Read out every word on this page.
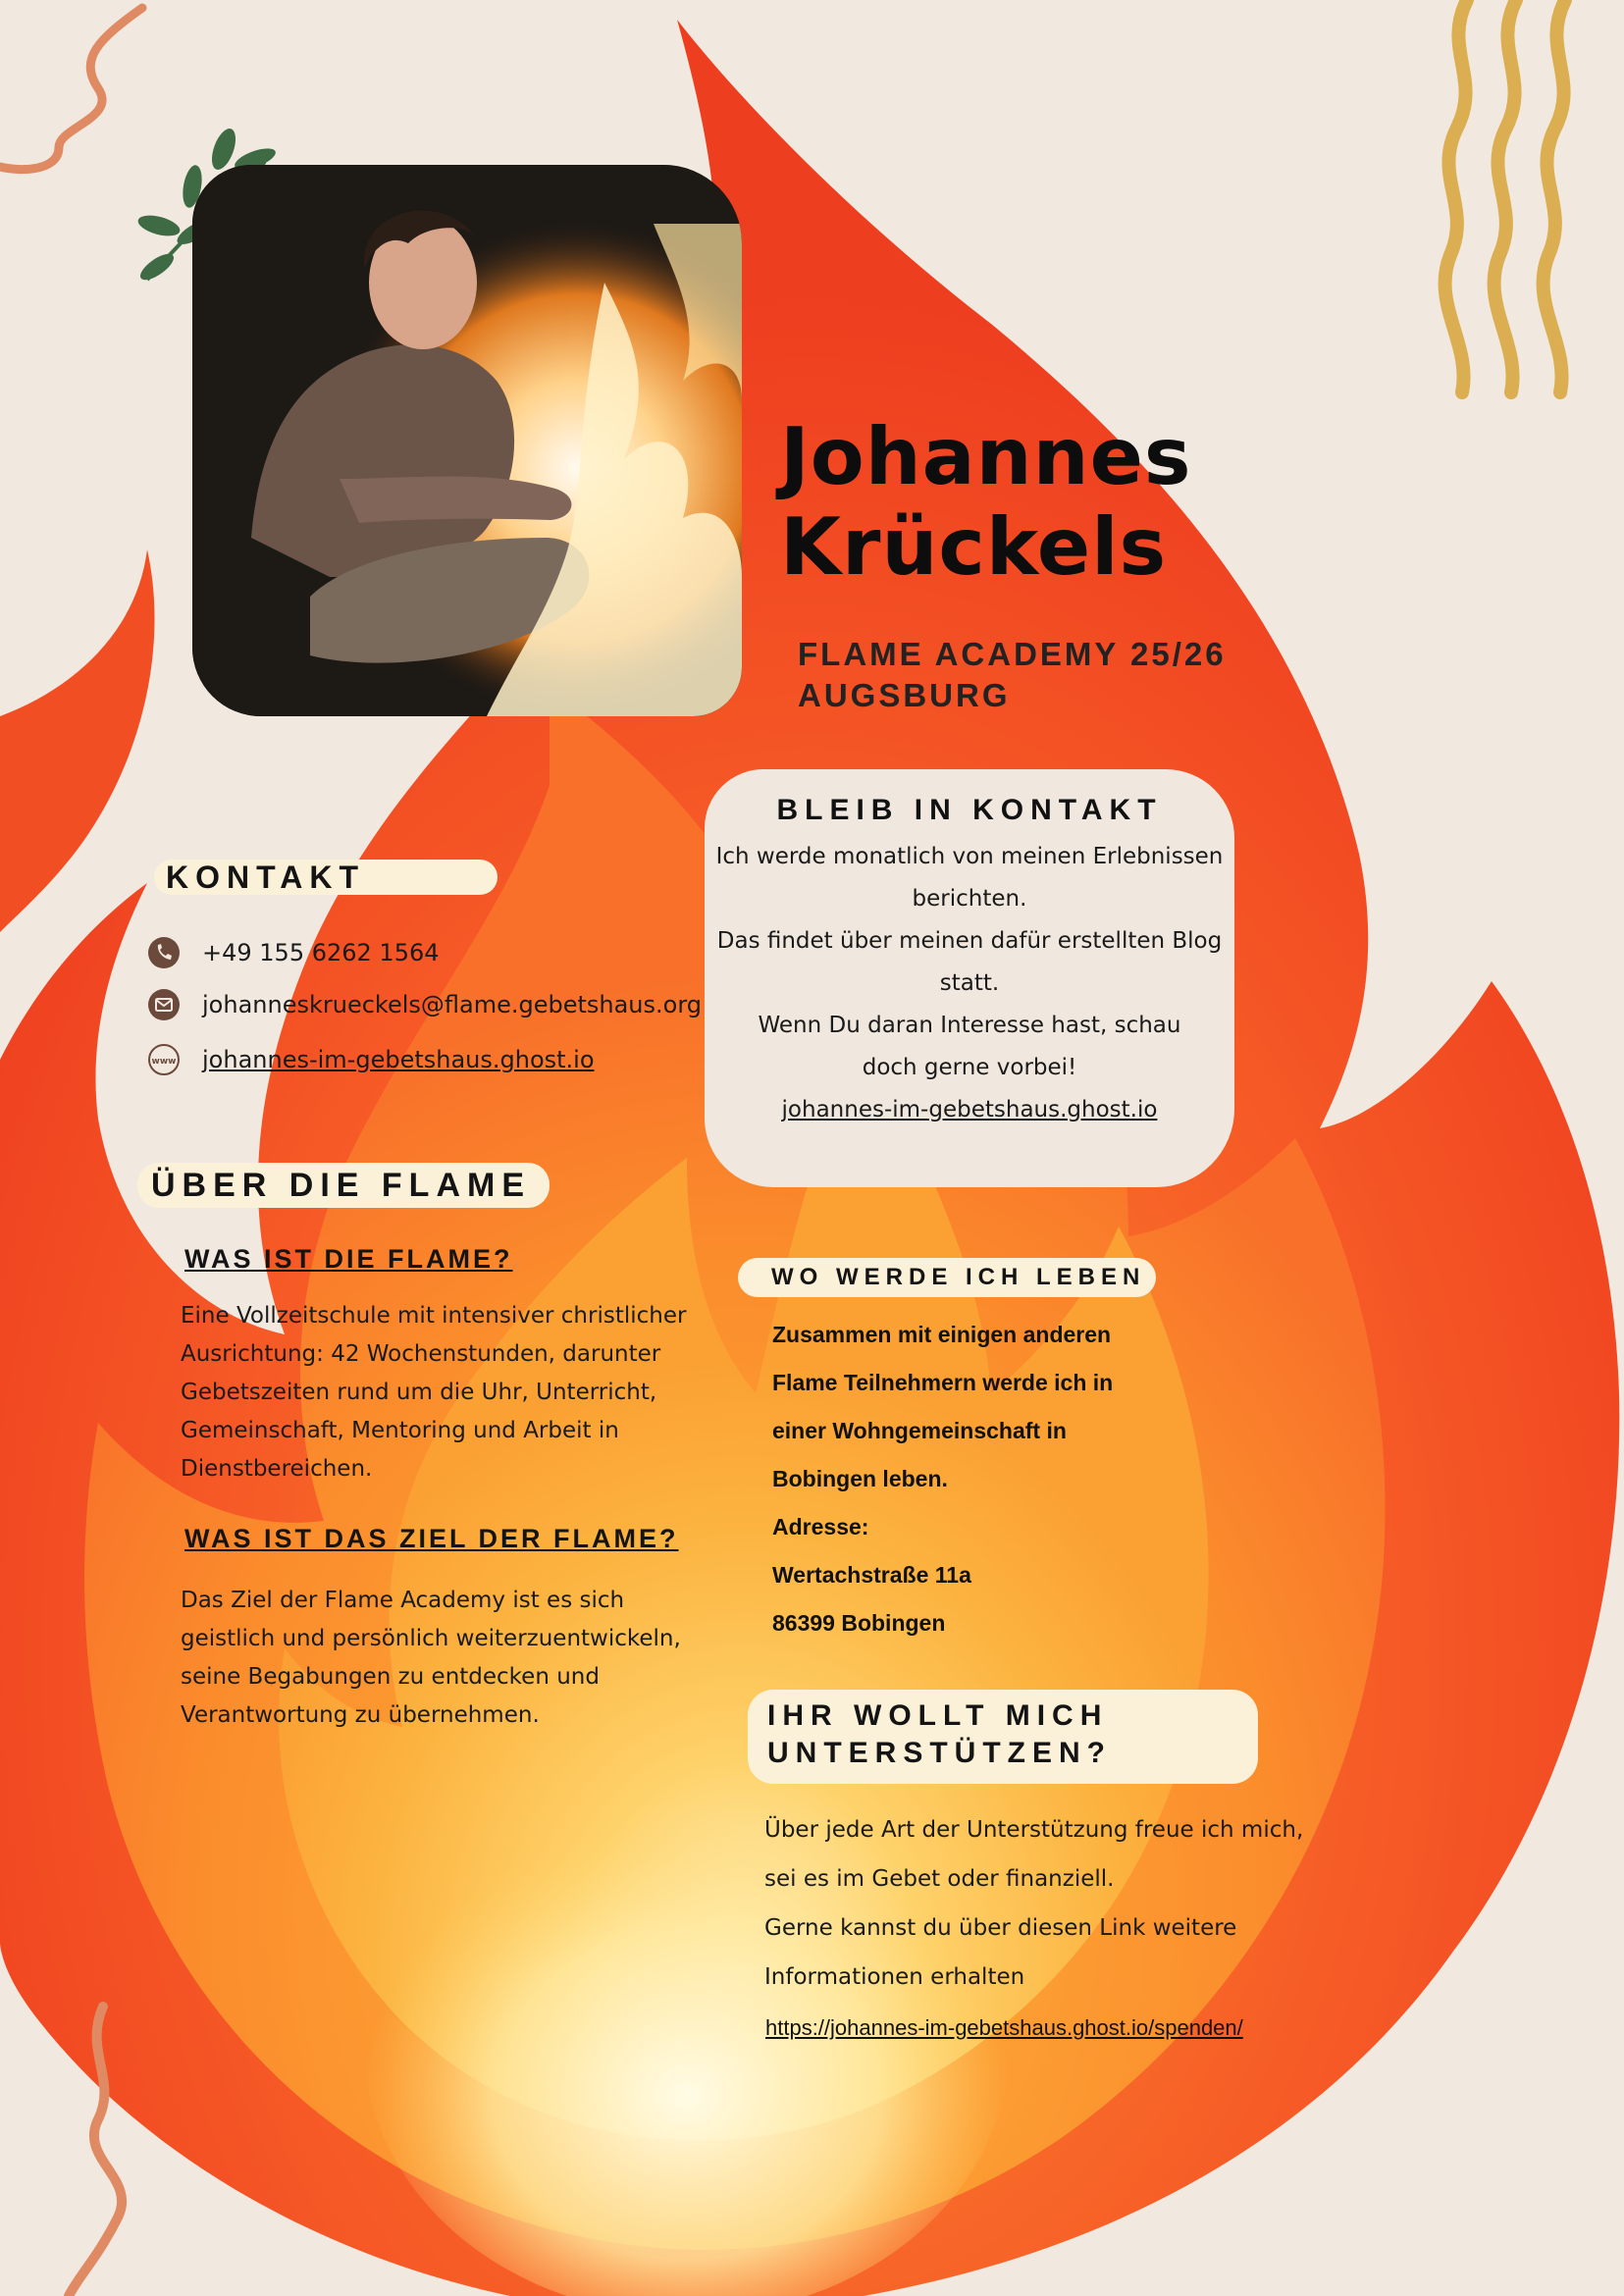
Johannes
Krückels
FLAME ACADEMY 25/26
AUGSBURG
BLEIB IN KONTAKT
Ich werde monatlich von meinen Erlebnissen
berichten.
Das findet über meinen dafür erstellten Blog
statt.
Wenn Du daran Interesse hast, schau
doch gerne vorbei!
johannes-im-gebetshaus.ghost.io
KONTAKT
+49 155 6262 1564
johanneskrueckels@flame.gebetshaus.org
www johannes-im-gebetshaus.ghost.io
ÜBER DIE FLAME
WAS IST DIE FLAME?
Eine Vollzeitschule mit intensiver christlicher
Ausrichtung: 42 Wochenstunden, darunter
Gebetszeiten rund um die Uhr, Unterricht,
Gemeinschaft, Mentoring und Arbeit in
Dienstbereichen.
WAS IST DAS ZIEL DER FLAME?
Das Ziel der Flame Academy ist es sich
geistlich und persönlich weiterzuentwickeln,
seine Begabungen zu entdecken und
Verantwortung zu übernehmen.
WO WERDE ICH LEBEN
Zusammen mit einigen anderen
Flame Teilnehmern werde ich in
einer Wohngemeinschaft in
Bobingen leben.
Adresse:
Wertachstraße 11a
86399 Bobingen
IHR WOLLT MICH UNTERSTÜTZEN?
Über jede Art der Unterstützung freue ich mich,
sei es im Gebet oder finanziell.
Gerne kannst du über diesen Link weitere
Informationen erhalten
https://johannes-im-gebetshaus.ghost.io/spenden/
